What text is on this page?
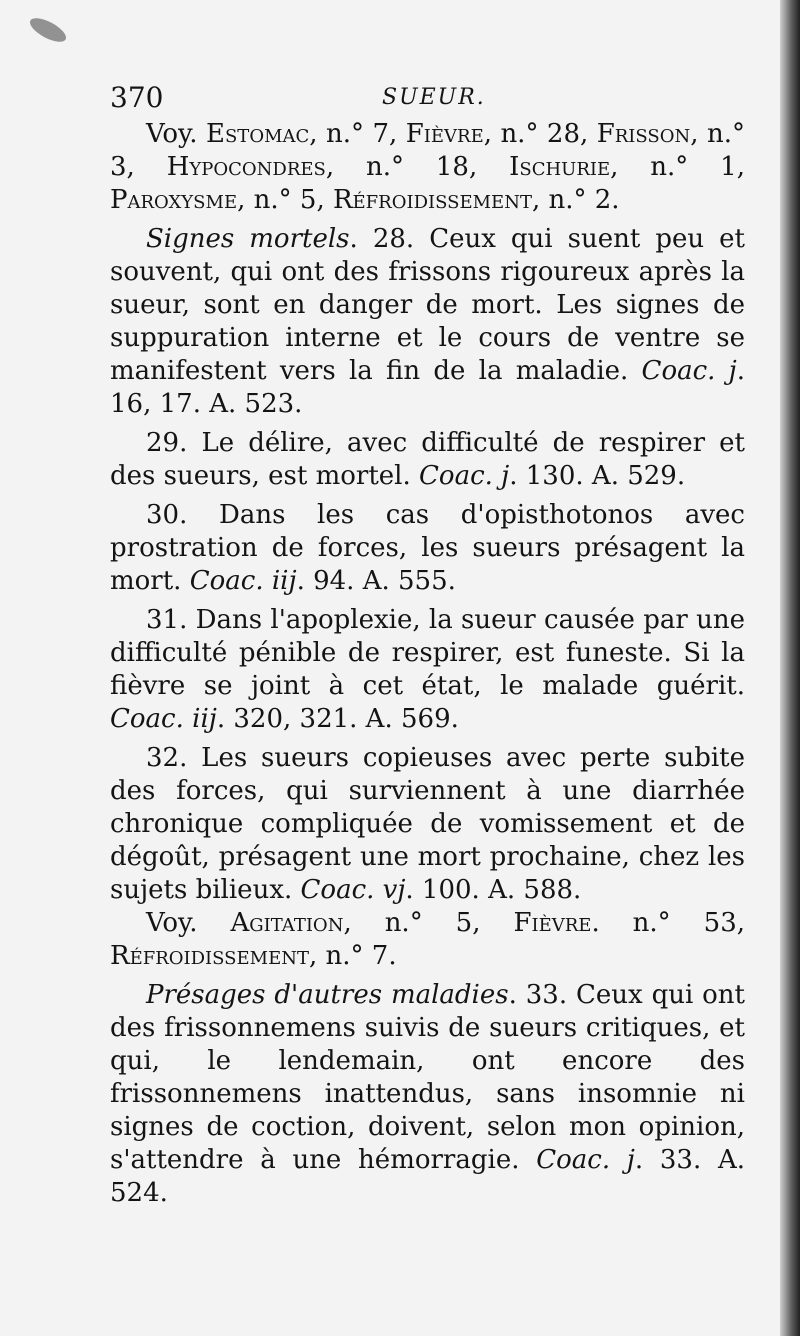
370	SUEUR.

Voy. Estomac, n.° 7, Fièvre, n.° 28, Frisson, n.° 3, Hypocondres, n.° 18, Ischurie, n.° 1, Paroxysme, n.° 5, Réfroidissement, n.° 2.

Signes mortels. 28. Ceux qui suent peu et souvent, qui ont des frissons rigoureux après la sueur, sont en danger de mort. Les signes de suppuration interne et le cours de ventre se manifestent vers la fin de la maladie. Coac. j. 16, 17. A. 523.

29. Le délire, avec difficulté de respirer et des sueurs, est mortel. Coac. j. 130. A. 529.

30. Dans les cas d'opisthotonos avec prostration de forces, les sueurs présagent la mort. Coac. iij. 94. A. 555.

31. Dans l'apoplexie, la sueur causée par une difficulté pénible de respirer, est funeste. Si la fièvre se joint à cet état, le malade guérit. Coac. iij. 320, 321. A. 569.

32. Les sueurs copieuses avec perte subite des forces, qui surviennent à une diarrhée chronique compliquée de vomissement et de dégoût, présagent une mort prochaine, chez les sujets bilieux. Coac. vj. 100. A. 588.

Voy. Agitation, n.° 5, Fièvre. n.° 53, Réfroidissement, n.° 7.

Présages d'autres maladies. 33. Ceux qui ont des frissonnemens suivis de sueurs critiques, et qui, le lendemain, ont encore des frissonnemens inattendus, sans insomnie ni signes de coction, doivent, selon mon opinion, s'attendre à une hémorragie. Coac. j. 33. A. 524.
